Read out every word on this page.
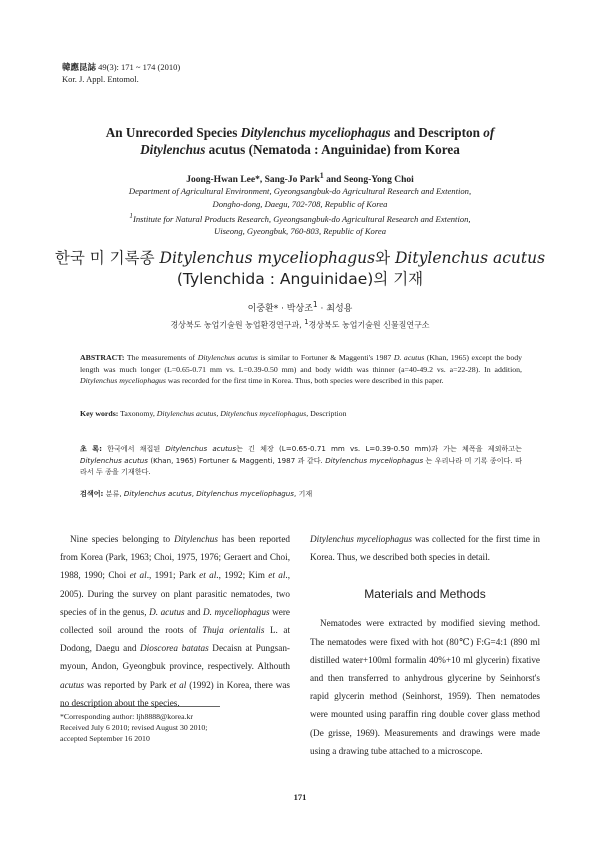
韓應昆誌 49(3): 171 ~ 174 (2010)
Kor. J. Appl. Entomol.
An Unrecorded Species Ditylenchus myceliophagus and Descripton of
Ditylenchus acutus (Nematoda : Anguinidae) from Korea
Joong-Hwan Lee*, Sang-Jo Park$^1$ and Seong-Yong Choi
Department of Agricultural Environment, Gyeongsangbuk-do Agricultural Research and Extention,
Dongho-dong, Daegu, 702-708, Republic of Korea
$^1$Institute for Natural Products Research, Gyeongsangbuk-do Agricultural Research and Extention,
Uiseong, Gyeongbuk, 760-803, Republic of Korea
한국 미 기록종 Ditylenchus myceliophagus와 Ditylenchus acutus
(Tylenchida : Anguinidae)의 기재
이중환* · 박상조$^1$ · 최성용
경상북도 농업기술원 농업환경연구과, $^1$경상북도 농업기술원 신물질연구소
ABSTRACT: The measurements of Ditylenchus acutus is similar to Fortuner & Maggenti's 1987 D. acutus (Khan, 1965) except the body length was much longer (L=0.65-0.71 mm vs. L=0.39-0.50 mm) and body width was thinner (a=40-49.2 vs. a=22-28). In addition, Ditylenchus myceliophagus was recorded for the first time in Korea. Thus, both species were described in this paper.
Key words: Taxonomy, Ditylenchus acutus, Ditylenchus myceliophagus, Description
초 록: 한국에서 채집된 Ditylenchus acutus는 긴 체장 (L=0.65-0.71 mm vs. L=0.39-0.50 mm)과 가는 체폭을 제외하고는 Ditylenchus acutus (Khan, 1965) Fortuner & Maggenti, 1987 과 같다. Ditylenchus myceliophagus 는 우리나라 미 기록 종이다. 따라서 두 종을 기재한다.
검색어: 분류, Ditylenchus acutus, Ditylenchus myceliophagus, 기재

Nine species belonging to Ditylenchus has been reported from Korea (Park, 1963; Choi, 1975, 1976; Geraert and Choi, 1988, 1990; Choi et al., 1991; Park et al., 1992; Kim et al., 2005). During the survey on plant parasitic nematodes, two species of in the genus, D. acutus and D. myceliophagus were collected soil around the roots of Thuja orientalis L. at Dodong, Daegu and Dioscorea batatas Decaisn at Pungsan-myoun, Andon, Gyeongbuk province, respectively. Althouth acutus was reported by Park et al (1992) in Korea, there was no description about the species.

*Corresponding author: ljh8888@korea.kr
Received July 6 2010; revised August 30 2010;
accepted September 16 2010

Ditylenchus myceliophagus was collected for the first time in Korea. Thus, we described both species in detail.

Materials and Methods

Nematodes were extracted by modified sieving method. The nematodes were fixed with hot (80℃) F:G=4:1 (890 ml distilled water+100ml formalin 40%+10 ml glycerin) fixative and then transferred to anhydrous glycerine by Seinhorst's rapid glycerin method (Seinhorst, 1959). Then nematodes were mounted using paraffin ring double cover glass method (De grisse, 1969). Measurements and drawings were made using a drawing tube attached to a microscope.

171
